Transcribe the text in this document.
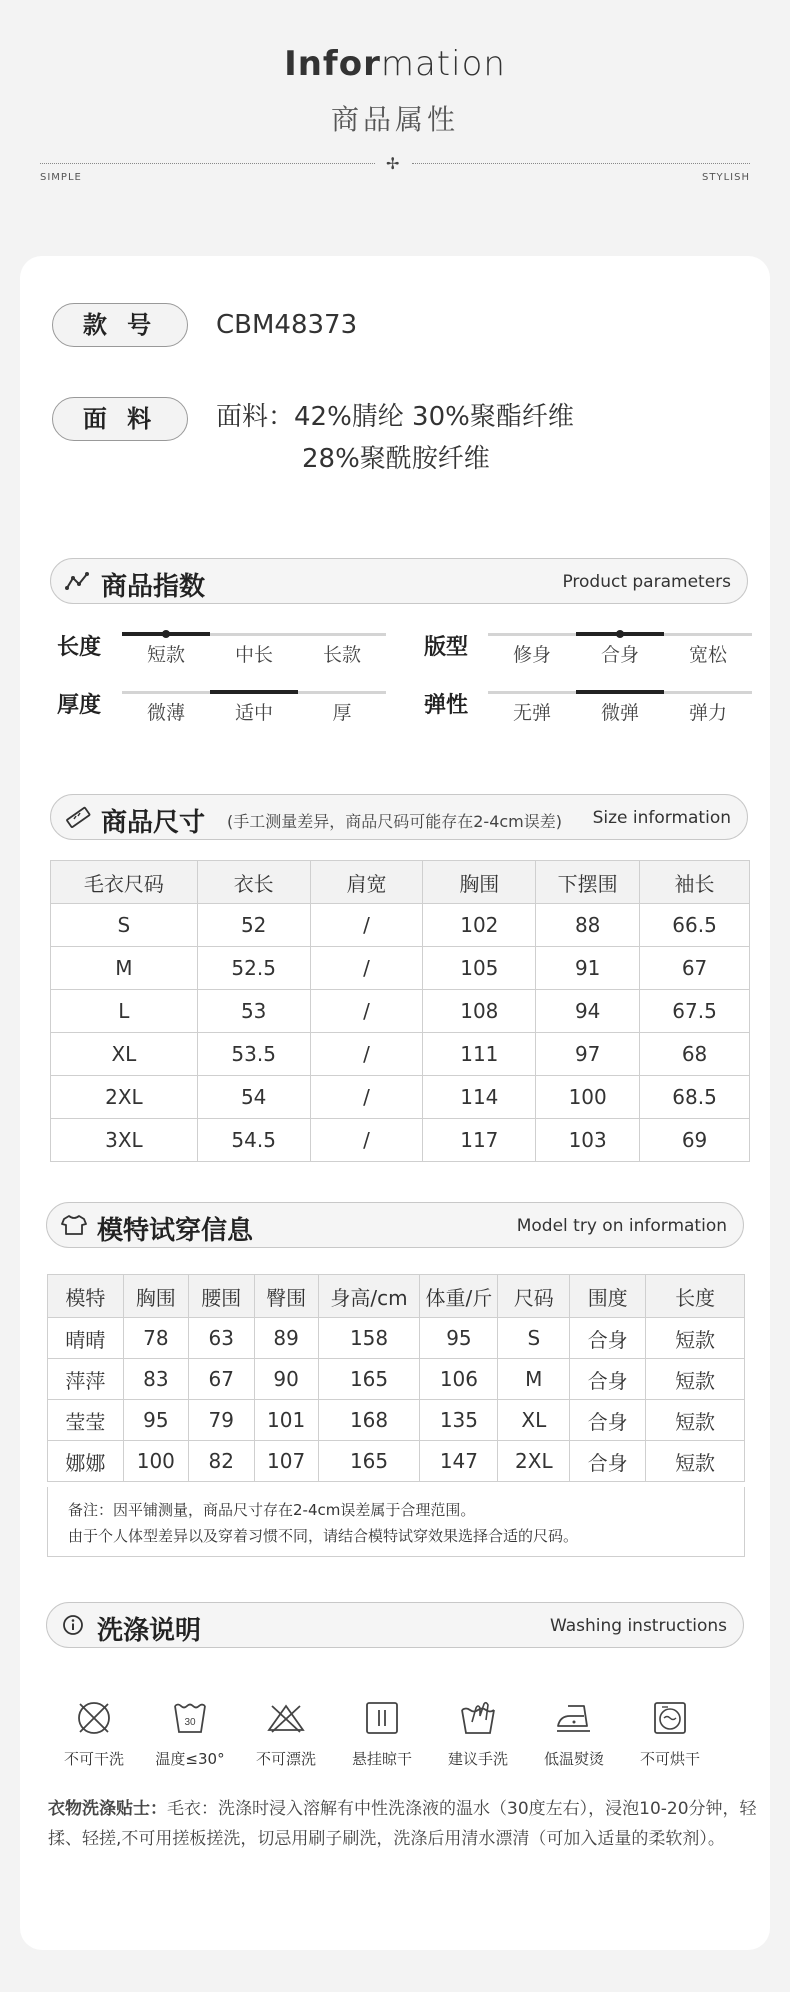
Information
商品属性
✢
SIMPLE	STYLISH
款 号	CBM48373
面 料	面料：42%腈纶 30%聚酯纤维
28%聚酰胺纤维
商品指数	Product parameters
长度	短款	中长	长款	版型	修身	合身	宽松
厚度	微薄	适中	厚	弹性	无弹	微弹	弹力
商品尺寸 (手工测量差异，商品尺码可能存在2-4cm误差) Size information
毛衣尺码	衣长	肩宽	胸围	下摆围	袖长
S	52	/	102	88	66.5
M	52.5	/	105	91	67
L	53	/	108	94	67.5
XL	53.5	/	111	97	68
2XL	54	/	114	100	68.5
3XL	54.5	/	117	103	69
模特试穿信息	Model try on information
模特	胸围	腰围	臀围	身高/cm	体重/斤	尺码	围度	长度
晴晴	78	63	89	158	95	S	合身	短款
萍萍	83	67	90	165	106	M	合身	短款
莹莹	95	79	101	168	135	XL	合身	短款
娜娜	100	82	107	165	147	2XL	合身	短款
备注：因平铺测量，商品尺寸存在2-4cm误差属于合理范围。
由于个人体型差异以及穿着习惯不同，请结合模特试穿效果选择合适的尺码。
洗涤说明	Washing instructions
不可干洗
30
温度≤30°	不可漂洗	悬挂晾干	建议手洗	低温熨烫	不可烘干
衣物洗涤贴士：毛衣：洗涤时浸入溶解有中性洗涤液的温水（30度左右），浸泡10-20分钟，轻揉、轻搓,不可用搓板搓洗，切忌用刷子刷洗，洗涤后用清水漂清（可加入适量的柔软剂）。
